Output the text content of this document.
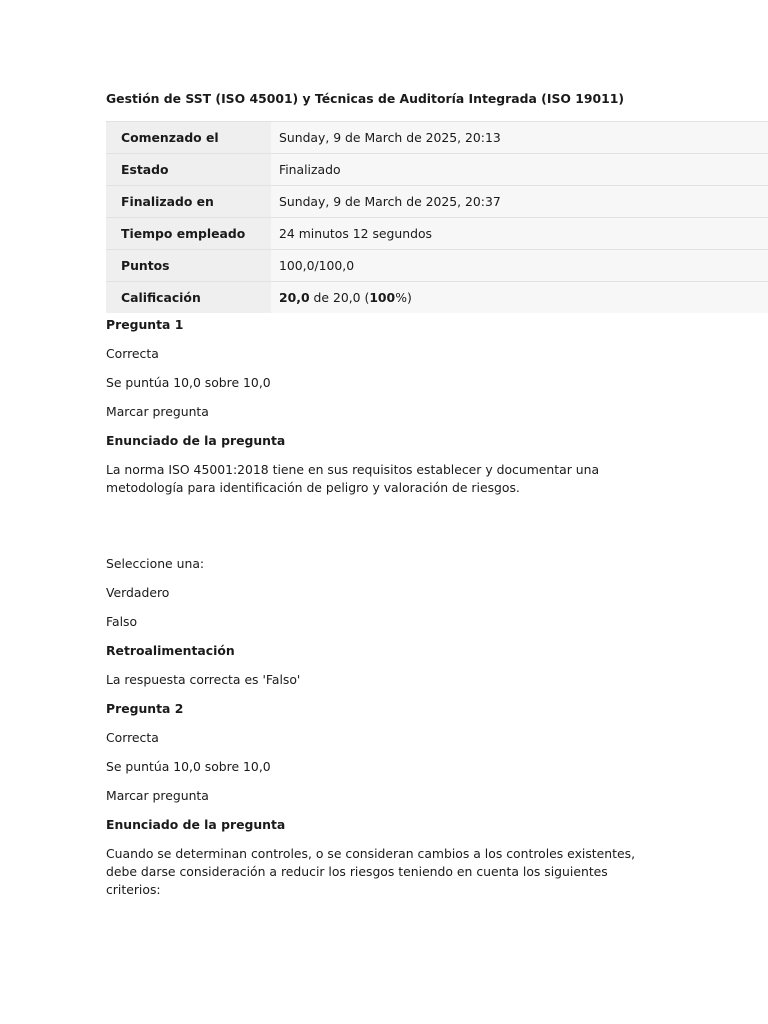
Gestión de SST (ISO 45001) y Técnicas de Auditoría Integrada (ISO 19011)
Comenzado el	Sunday, 9 de March de 2025, 20:13
Estado	Finalizado
Finalizado en	Sunday, 9 de March de 2025, 20:37
Tiempo empleado	24 minutos 12 segundos
Puntos	100,0/100,0
Calificación	20,0 de 20,0 (100%)
Pregunta 1
Correcta
Se puntúa 10,0 sobre 10,0
Marcar pregunta
Enunciado de la pregunta
La norma ISO 45001:2018 tiene en sus requisitos establecer y documentar una metodología para identificación de peligro y valoración de riesgos.
Seleccione una:
Verdadero
Falso
Retroalimentación
La respuesta correcta es 'Falso'
Pregunta 2
Correcta
Se puntúa 10,0 sobre 10,0
Marcar pregunta
Enunciado de la pregunta
Cuando se determinan controles, o se consideran cambios a los controles existentes, debe darse consideración a reducir los riesgos teniendo en cuenta los siguientes criterios:
